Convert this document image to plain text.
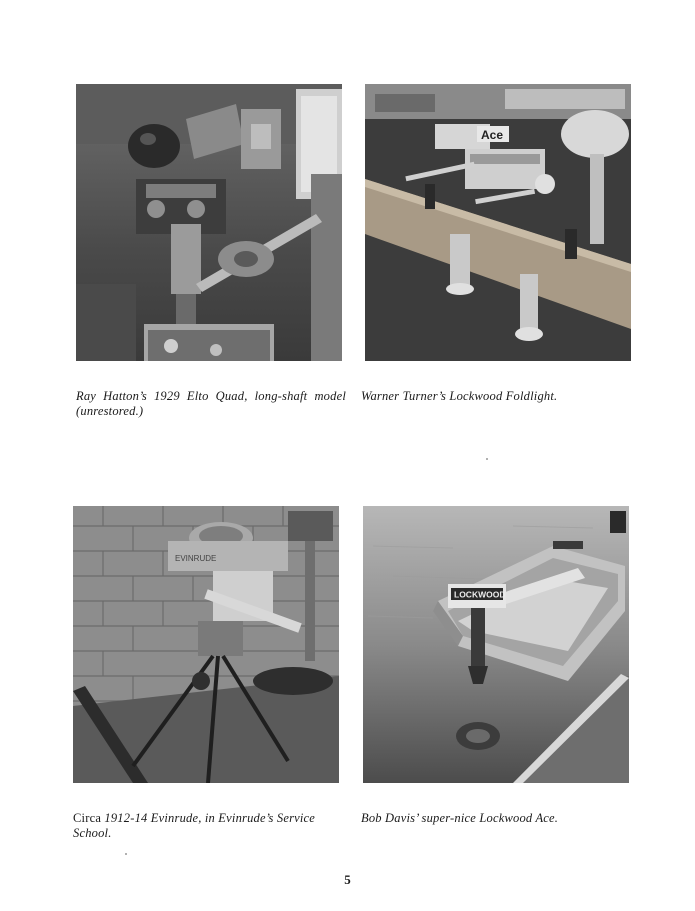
Ace
EVINRUDE
LOCKWOOD

Ray Hatton’s 1929 Elto Quad, long-shaft model (unrestored.)

Warner Turner’s Lockwood Foldlight.

Circa 1912-14 Evinrude, in Evinrude’s Service School.

Bob Davis’ super-nice Lockwood Ace.

5
